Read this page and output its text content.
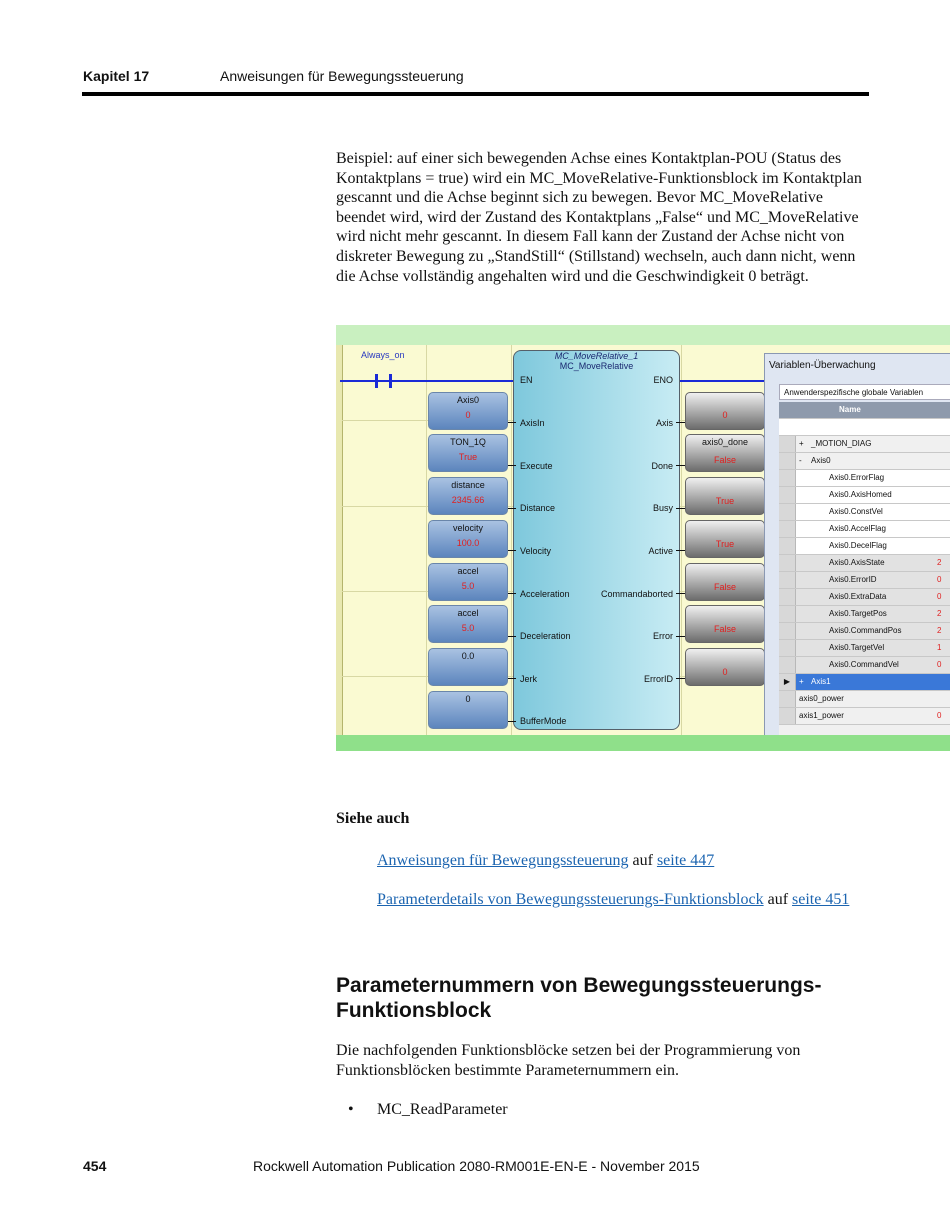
Kapitel 17	Anweisungen für Bewegungssteuerung

Beispiel: auf einer sich bewegenden Achse eines Kontaktplan-POU (Status des Kontaktplans = true) wird ein MC_MoveRelative-Funktionsblock im Kontaktplan gescannt und die Achse beginnt sich zu bewegen. Bevor MC_MoveRelative beendet wird, wird der Zustand des Kontaktplans „False“ und MC_MoveRelative wird nicht mehr gescannt. In diesem Fall kann der Zustand der Achse nicht von diskreter Bewegung zu „StandStill“ (Stillstand) wechseln, auch dann nicht, wenn die Achse vollständig angehalten wird und die Geschwindigkeit 0 beträgt.

Always_on	MC_MoveRelative_1
MC_MoveRelative
EN
AxisIn
Execute
Distance
Velocity
Acceleration
Deceleration
Jerk
BufferMode
ENO
Axis
Done
Busy
Active
Commandaborted
Error
ErrorID
Axis0
0
TON_1Q
True
distance
2345.66
velocity
100.0
accel
5.0
accel
5.0
0.0
0
0
axis0_done
False
True
True
False
False
0
Variablen-Überwachung
Anwenderspezifische globale Variablen
Name
+ _MOTION_DIAG
- Axis0
Axis0.ErrorFlag
Axis0.AxisHomed
Axis0.ConstVel
Axis0.AccelFlag
Axis0.DecelFlag
Axis0.AxisState	2
Axis0.ErrorID	0
Axis0.ExtraData	0
Axis0.TargetPos	2
Axis0.CommandPos	2
Axis0.TargetVel	1
Axis0.CommandVel	0
▶	+ Axis1
axis0_power
axis1_power	0
Siehe auch

Anweisungen für Bewegungssteuerung auf seite 447

Parameterdetails von Bewegungssteuerungs-Funktionsblock auf seite 451

Parameternummern von Bewegungssteuerungs-Funktionsblock

Die nachfolgenden Funktionsblöcke setzen bei der Programmierung von Funktionsblöcken bestimmte Parameternummern ein.

• MC_ReadParameter
454	Rockwell Automation Publication 2080-RM001E-EN-E - November 2015
